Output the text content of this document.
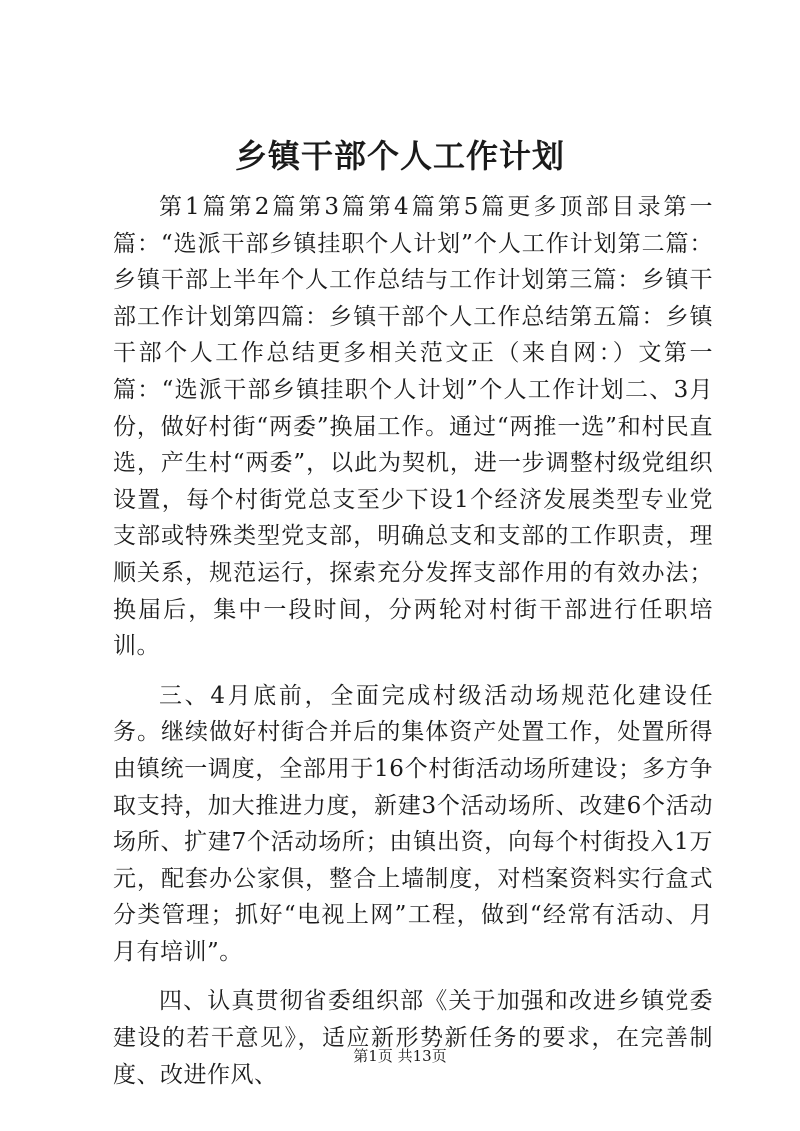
乡镇干部个人工作计划

第1篇第2篇第3篇第4篇第5篇更多顶部目录第一篇：“选派干部乡镇挂职个人计划”个人工作计划第二篇：乡镇干部上半年个人工作总结与工作计划第三篇：乡镇干部工作计划第四篇：乡镇干部个人工作总结第五篇：乡镇干部个人工作总结更多相关范文正（来自网：）文第一篇：“选派干部乡镇挂职个人计划”个人工作计划二、3月份，做好村街“两委”换届工作。通过“两推一选”和村民直选，产生村“两委”，以此为契机，进一步调整村级党组织设置，每个村街党总支至少下设1个经济发展类型专业党支部或特殊类型党支部，明确总支和支部的工作职责，理顺关系，规范运行，探索充分发挥支部作用的有效办法；换届后，集中一段时间，分两轮对村街干部进行任职培训。

三、4月底前，全面完成村级活动场规范化建设任务。继续做好村街合并后的集体资产处置工作，处置所得由镇统一调度，全部用于16个村街活动场所建设；多方争取支持，加大推进力度，新建3个活动场所、改建6个活动场所、扩建7个活动场所；由镇出资，向每个村街投入1万元，配套办公家俱，整合上墙制度，对档案资料实行盒式分类管理；抓好“电视上网”工程，做到“经常有活动、月月有培训”。

四、认真贯彻省委组织部《关于加强和改进乡镇党委建设的若干意见》，适应新形势新任务的要求，在完善制度、改进作风、

第1页 共13页
